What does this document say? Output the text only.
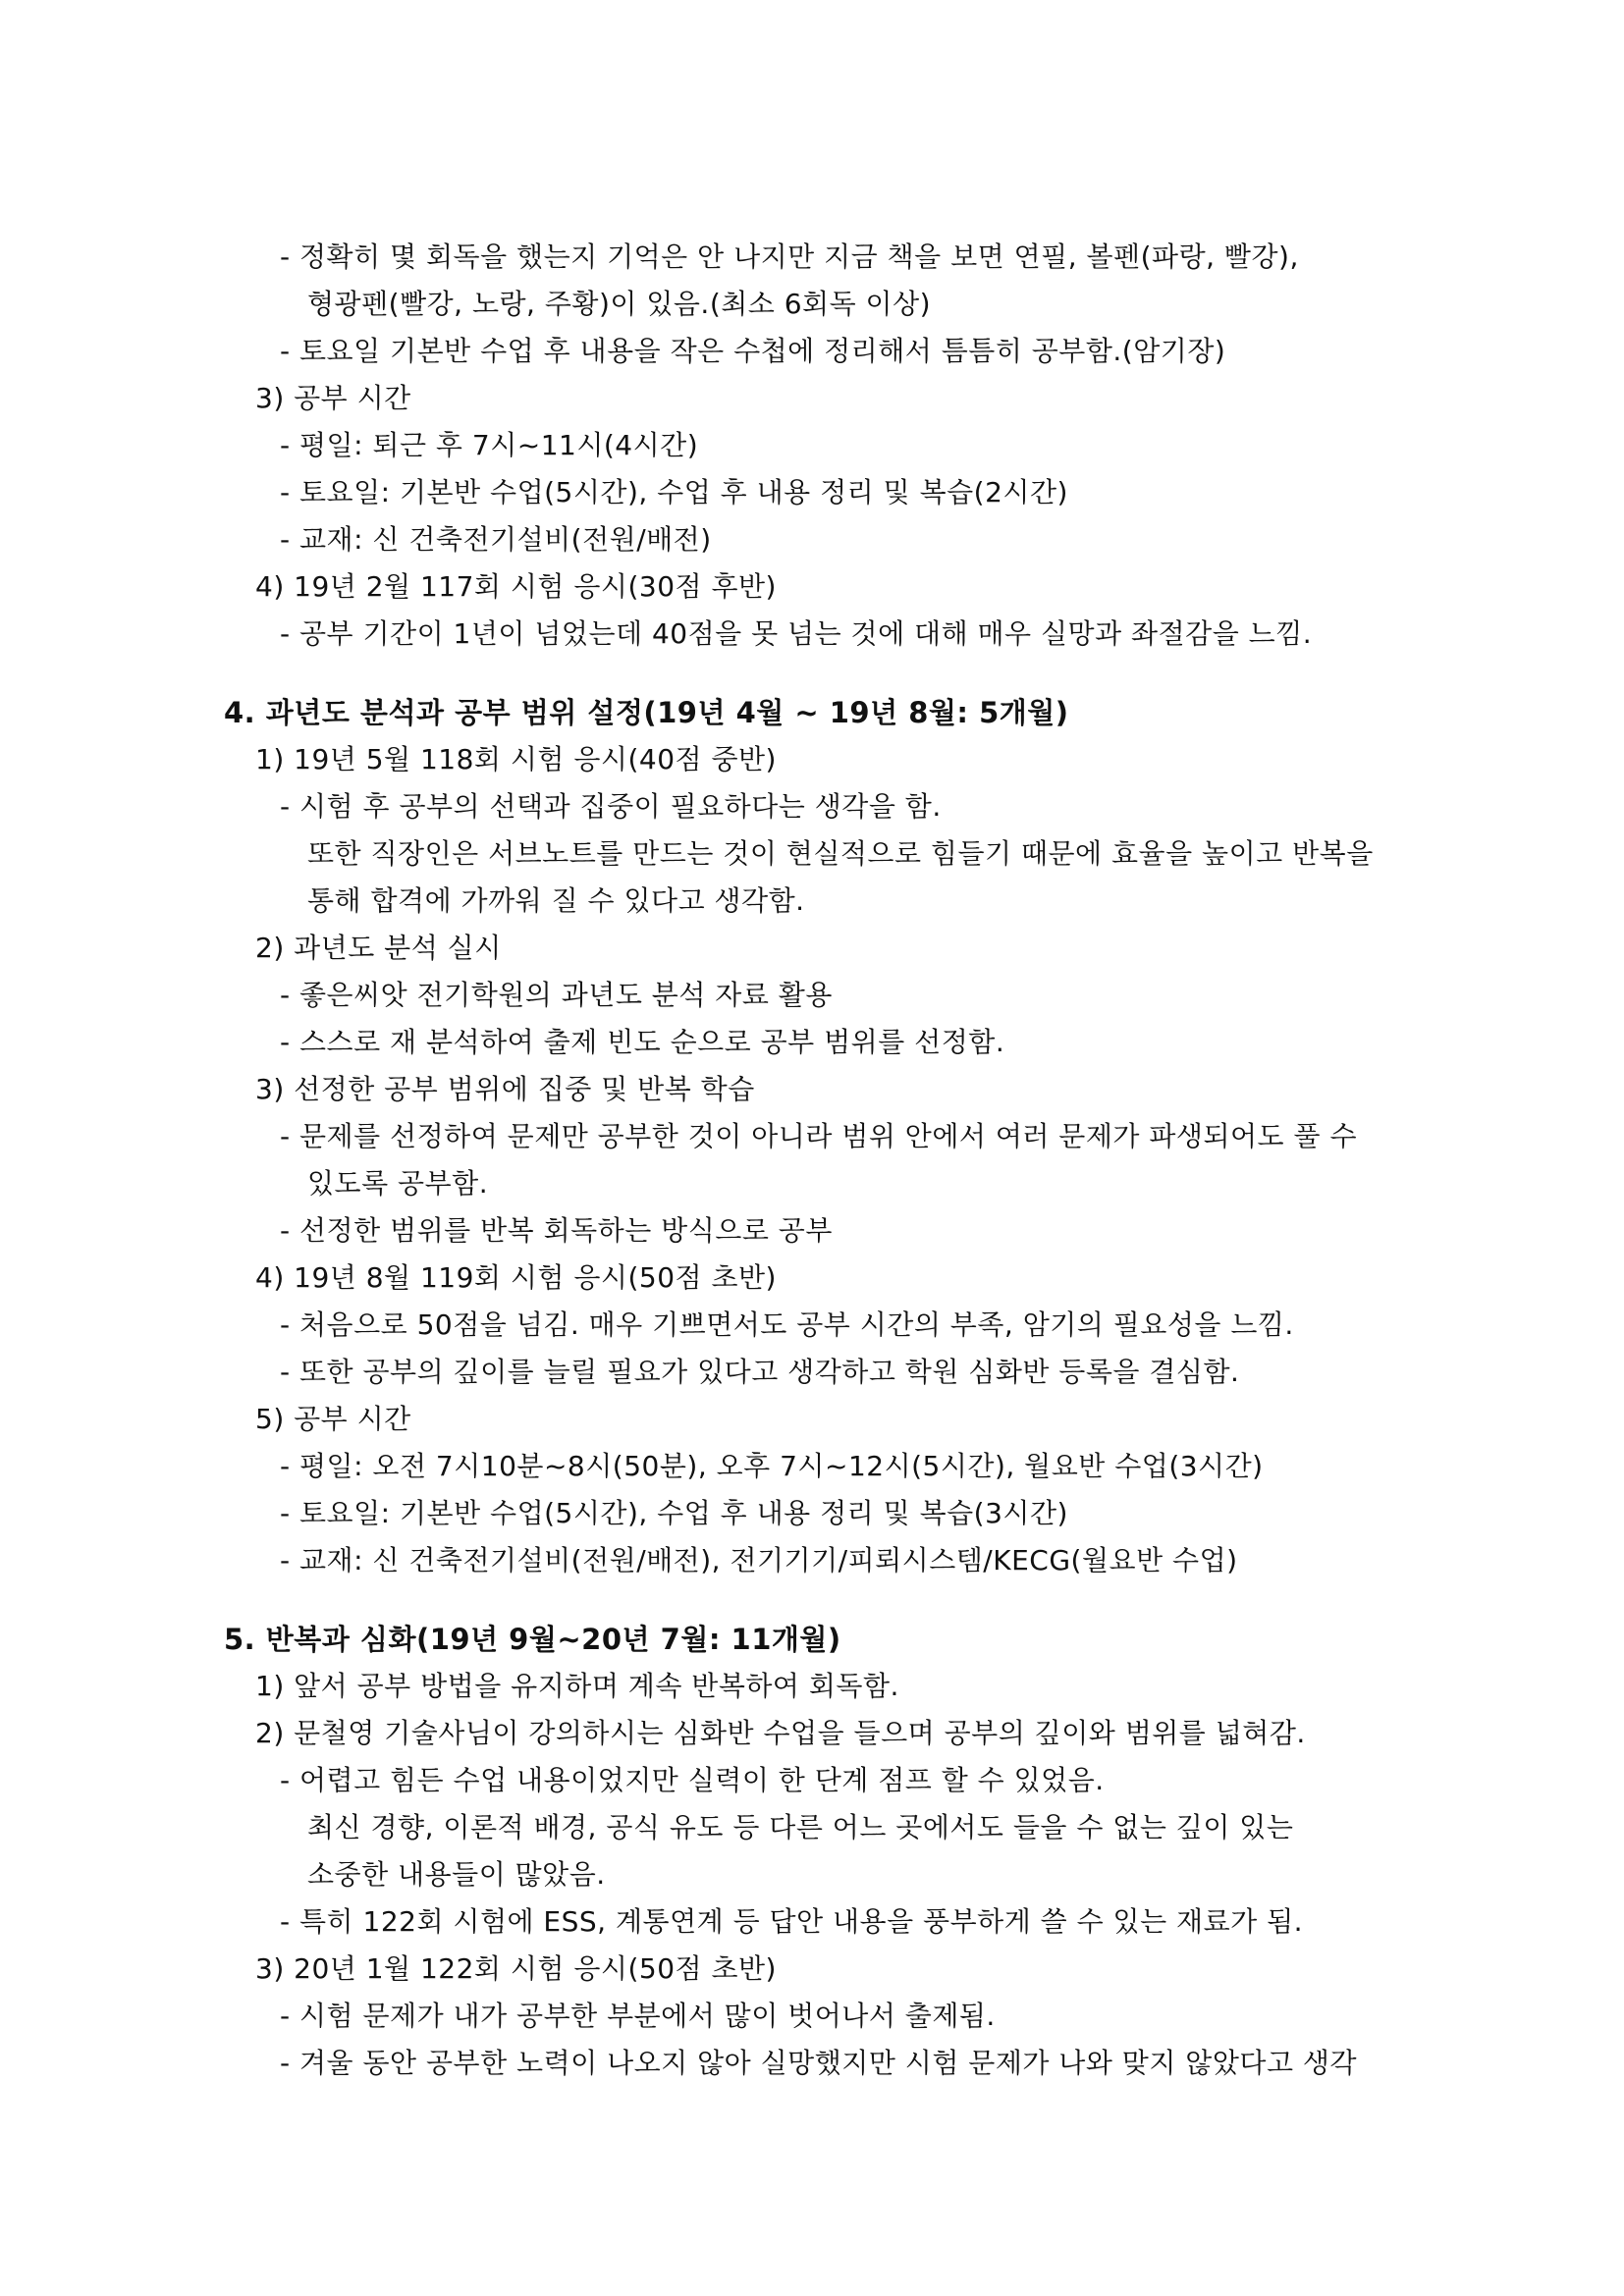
- 정확히 몇 회독을 했는지 기억은 안 나지만 지금 책을 보면 연필, 볼펜(파랑, 빨강),
형광펜(빨강, 노랑, 주황)이 있음.(최소 6회독 이상)
- 토요일 기본반 수업 후 내용을 작은 수첩에 정리해서 틈틈히 공부함.(암기장)
3) 공부 시간
- 평일: 퇴근 후 7시~11시(4시간)
- 토요일: 기본반 수업(5시간), 수업 후 내용 정리 및 복습(2시간)
- 교재: 신 건축전기설비(전원/배전)
4) 19년 2월 117회 시험 응시(30점 후반)
- 공부 기간이 1년이 넘었는데 40점을 못 넘는 것에 대해 매우 실망과 좌절감을 느낌.
4. 과년도 분석과 공부 범위 설정(19년 4월 ~ 19년 8월: 5개월)
1) 19년 5월 118회 시험 응시(40점 중반)
- 시험 후 공부의 선택과 집중이 필요하다는 생각을 함.
또한 직장인은 서브노트를 만드는 것이 현실적으로 힘들기 때문에 효율을 높이고 반복을
통해 합격에 가까워 질 수 있다고 생각함.
2) 과년도 분석 실시
- 좋은씨앗 전기학원의 과년도 분석 자료 활용
- 스스로 재 분석하여 출제 빈도 순으로 공부 범위를 선정함.
3) 선정한 공부 범위에 집중 및 반복 학습
- 문제를 선정하여 문제만 공부한 것이 아니라 범위 안에서 여러 문제가 파생되어도 풀 수
있도록 공부함.
- 선정한 범위를 반복 회독하는 방식으로 공부
4) 19년 8월 119회 시험 응시(50점 초반)
- 처음으로 50점을 넘김. 매우 기쁘면서도 공부 시간의 부족, 암기의 필요성을 느낌.
- 또한 공부의 깊이를 늘릴 필요가 있다고 생각하고 학원 심화반 등록을 결심함.
5) 공부 시간
- 평일: 오전 7시10분~8시(50분), 오후 7시~12시(5시간), 월요반 수업(3시간)
- 토요일: 기본반 수업(5시간), 수업 후 내용 정리 및 복습(3시간)
- 교재: 신 건축전기설비(전원/배전), 전기기기/피뢰시스템/KECG(월요반 수업)
5. 반복과 심화(19년 9월~20년 7월: 11개월)
1) 앞서 공부 방법을 유지하며 계속 반복하여 회독함.
2) 문철영 기술사님이 강의하시는 심화반 수업을 들으며 공부의 깊이와 범위를 넓혀감.
- 어렵고 힘든 수업 내용이었지만 실력이 한 단계 점프 할 수 있었음.
최신 경향, 이론적 배경, 공식 유도 등 다른 어느 곳에서도 들을 수 없는 깊이 있는
소중한 내용들이 많았음.
- 특히 122회 시험에 ESS, 계통연계 등 답안 내용을 풍부하게 쓸 수 있는 재료가 됨.
3) 20년 1월 122회 시험 응시(50점 초반)
- 시험 문제가 내가 공부한 부분에서 많이 벗어나서 출제됨.
- 겨울 동안 공부한 노력이 나오지 않아 실망했지만 시험 문제가 나와 맞지 않았다고 생각
